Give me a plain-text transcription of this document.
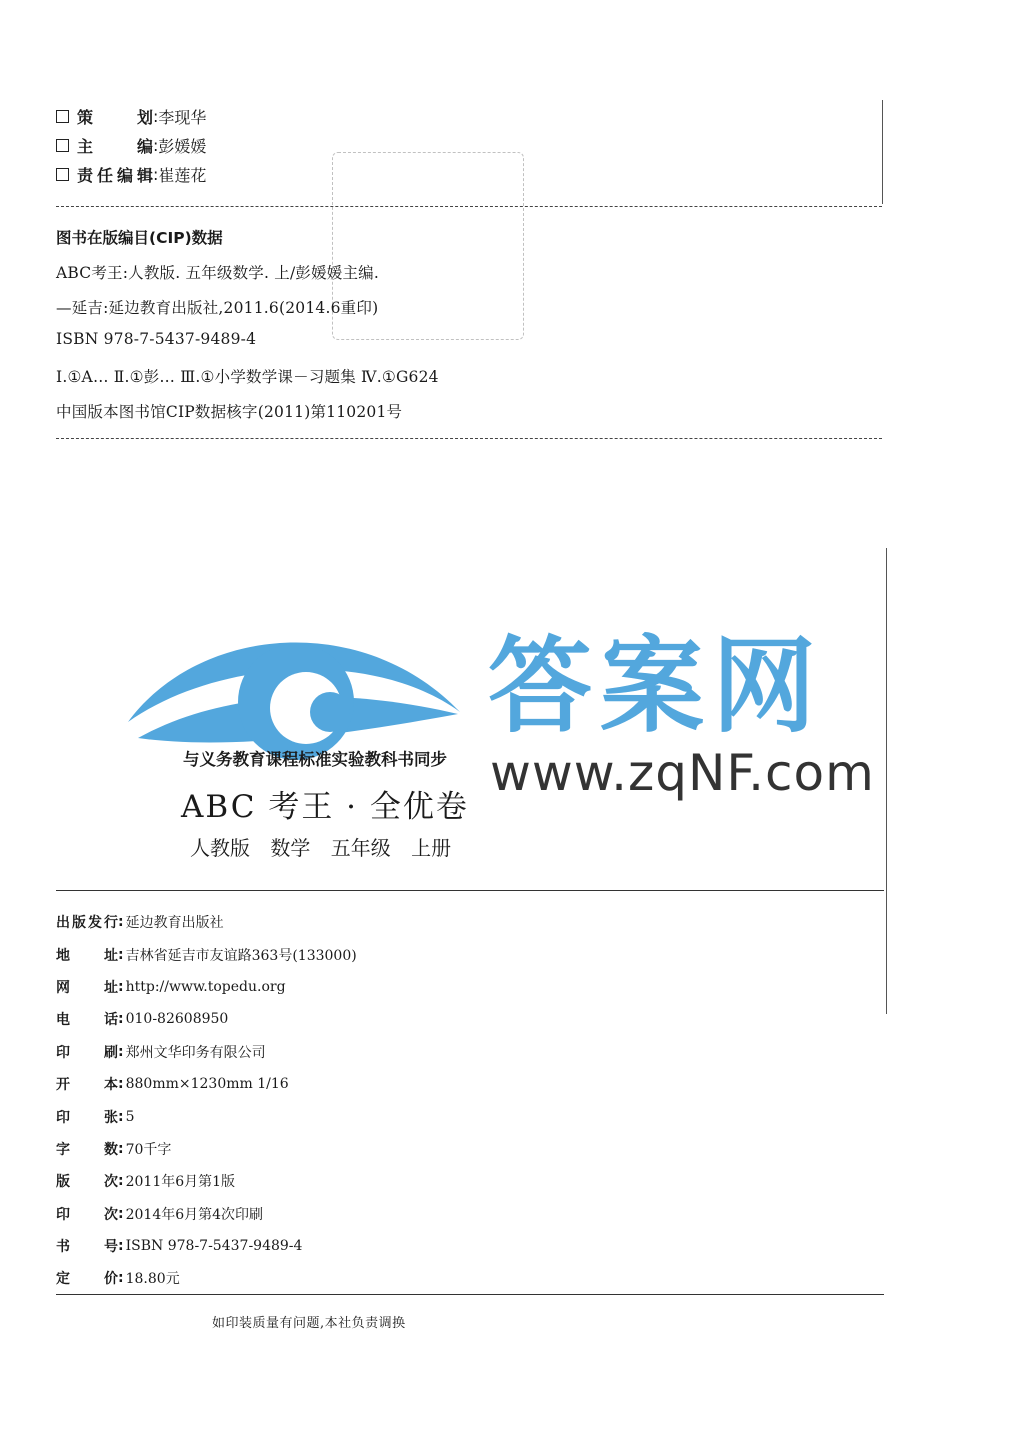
策划 : 李现华
主编 : 彭媛媛
责任编辑 : 崔莲花
图书在版编目(CIP)数据
ABC考王:人教版. 五年级数学. 上/彭媛媛主编.
—延吉:延边教育出版社,2011.6(2014.6重印)
ISBN 978-7-5437-9489-4
Ⅰ.①A… Ⅱ.①彭… Ⅲ.①小学数学课－习题集 Ⅳ.①G624
中国版本图书馆CIP数据核字(2011)第110201号
答案网
www.zqNF.com
与义务教育课程标准实验教科书同步
ABC 考王 · 全优卷
人教版 数学 五年级 上册
出版发行 : 延边教育出版社
地址 : 吉林省延吉市友谊路363号(133000)
网址 : http://www.topedu.org
电话 : 010-82608950
印刷 : 郑州文华印务有限公司
开本 : 880mm×1230mm 1/16
印张 : 5
字数 : 70千字
版次 : 2011年6月第1版
印次 : 2014年6月第4次印刷
书号 : ISBN 978-7-5437-9489-4
定价 : 18.80元
如印装质量有问题,本社负责调换
